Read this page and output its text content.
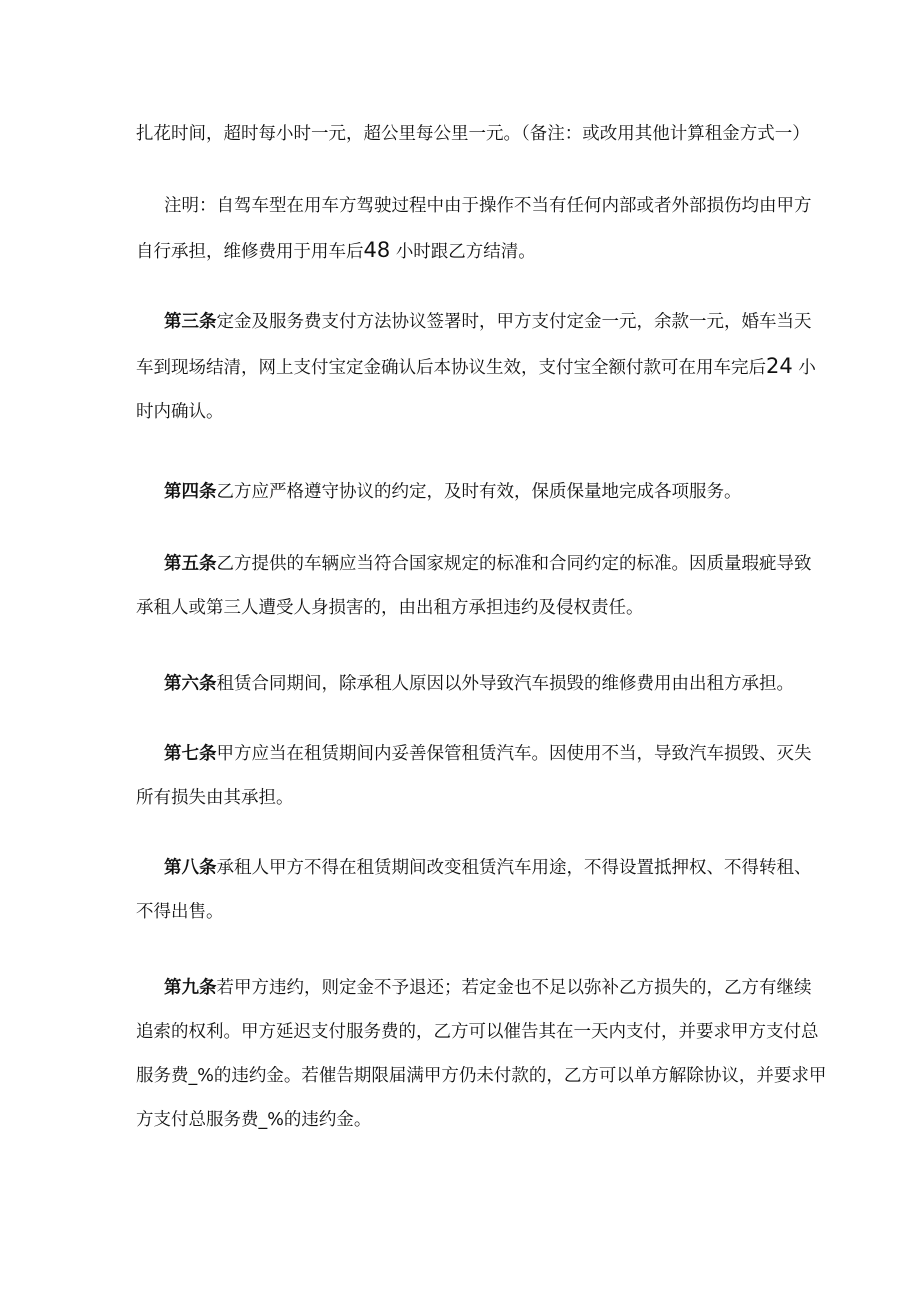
扎花时间，超时每小时一元，超公里每公里一元。（备注：或改用其他计算租金方式一）

注明：自驾车型在用车方驾驶过程中由于操作不当有任何内部或者外部损伤均由甲方
自行承担，维修费用于用车后48 小时跟乙方结清。

第三条定金及服务费支付方法协议签署时，甲方支付定金一元，余款一元，婚车当天
车到现场结清，网上支付宝定金确认后本协议生效，支付宝全额付款可在用车完后24 小
时内确认。

第四条乙方应严格遵守协议的约定，及时有效，保质保量地完成各项服务。

第五条乙方提供的车辆应当符合国家规定的标准和合同约定的标准。因质量瑕疵导致
承租人或第三人遭受人身损害的，由出租方承担违约及侵权责任。

第六条租赁合同期间，除承租人原因以外导致汽车损毁的维修费用由出租方承担。

第七条甲方应当在租赁期间内妥善保管租赁汽车。因使用不当，导致汽车损毁、灭失
所有损失由其承担。

第八条承租人甲方不得在租赁期间改变租赁汽车用途，不得设置抵押权、不得转租、
不得出售。

第九条若甲方违约，则定金不予退还；若定金也不足以弥补乙方损失的，乙方有继续
追索的权利。甲方延迟支付服务费的，乙方可以催告其在一天内支付，并要求甲方支付总
服务费_%的违约金。若催告期限届满甲方仍未付款的，乙方可以单方解除协议，并要求甲
方支付总服务费_%的违约金。
